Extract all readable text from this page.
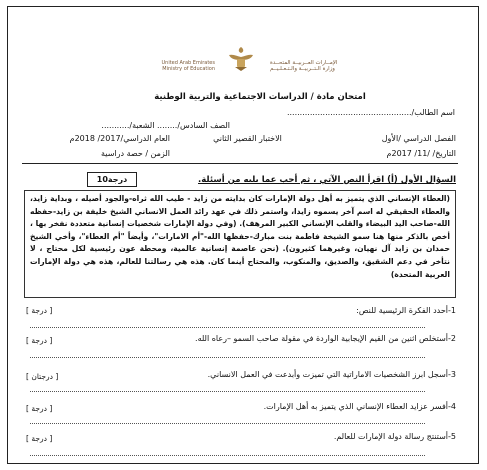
United Arab Emirates
Ministry of Education
الإمــارات العــربيــة المتحــدة
وزارة الـتــربيــة والـتـعـلـيــم
امتحان مادة / الدراسات الاجتماعية والتربية الوطنية
اسم الطالب/.................................................
الصف السادس/........ الشعبة/...........
الفصل الدراسي /الأول
الاختبار القصير الثاني
العام الدراسي/2017/ 2018م
التاريخ/ /11/ 2017م
الزمن / حصة دراسية
10درجة	السؤال الأول (أ) اقرأ النص الآتي ، ثم أجب عما يليه من أسئلة.
(العطاء الإنساني الذي يتميز به أهل دولة الإمارات كان بدايته من زايد - طيب الله ثراه-والجود أصيله ، وبداية زايد، والعطاء الحقيقي له اسم آخر يسموه زايدا، واستمر ذلك في عهد رائد العمل الانساني الشيخ خليفة بن زايد-حفظه الله-صاحب اليد البيضاء والقلب الإنساني الكبير المرهف). (وفي دولة الإمارات شخصيات إنسانية متعددة نفخر بها ، أخص بالذكر منها هنا سمو الشيخة فاطمة بنت مبارك-حفظها الله-"أم الامارات"، وأيضاً "أم العطاء"، وأخي الشيخ حمدان بن زايد آل نهيان، وغيرهما كثيرون). (نحن عاصمة إنسانية عالمية، ومحطة عون رئيسية لكل محتاج ، لا نتأخر في دعم الشقيق، والصديق، والمنكوب، والمحتاج أينما كان. هذه هي رسالتنا للعالم، هذه هي دولة الإمارات العربية المتحدة)
1-أحدد الفكرة الرئيسية للنص:
[ درجة ]
2-أستخلص اثنين من القيم الإيجابية الواردة في مقولة صاحب السمو –رعاه الله.
[ درجة ]
3-أسجل ابرز الشخصيات الاماراتية التي تميزت وأبدعت في العمل الانساني.
[ درجتان ]
4-أفسر عزايد العطاء الإنساني الذي يتميز به أهل الإمارات.
[ درجة ]
5-أستنتج رسالة دولة الإمارات للعالم.
[ درجة ]
